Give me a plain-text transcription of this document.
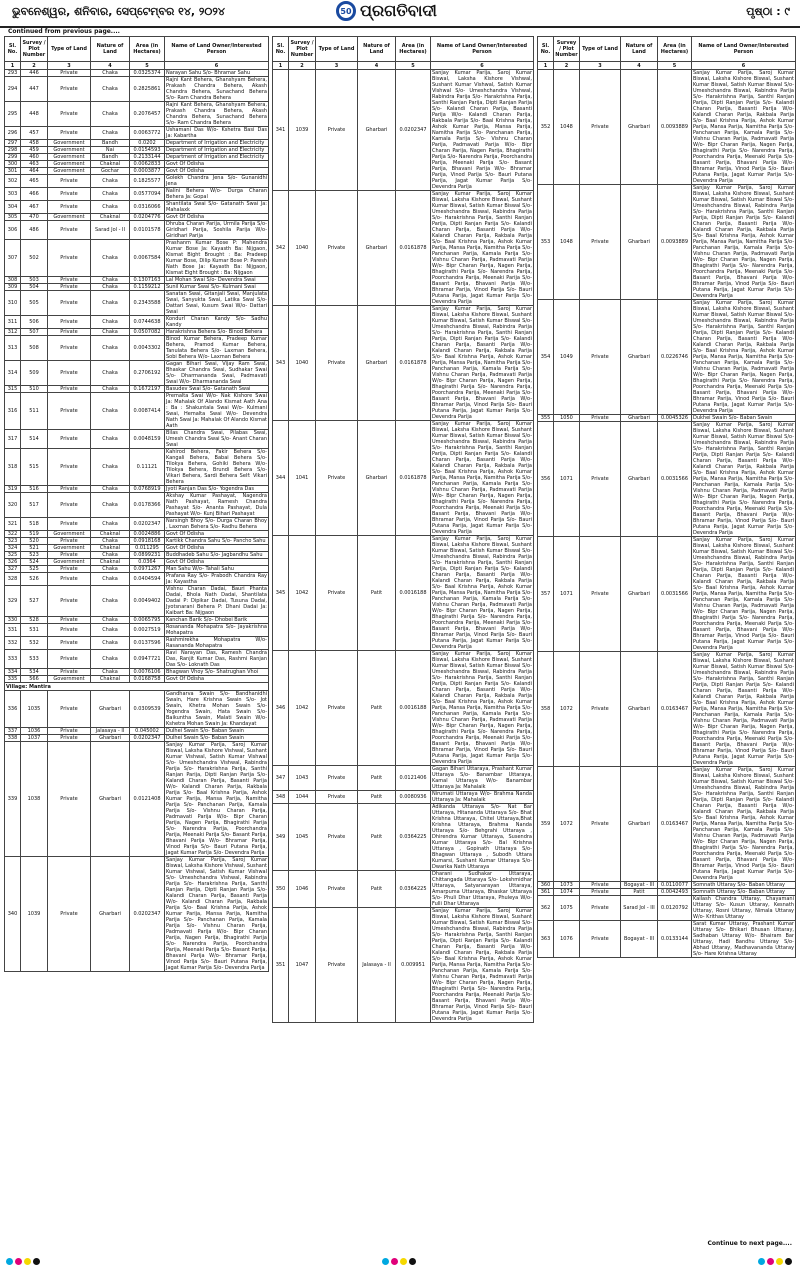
ଭୁବନେଶ୍ୱର, ଶନିବାର, ସେପ୍ଟେମ୍ବର ୧୪, ୨୦୨୪	50 ପ୍ରଗତିବାଦୀ	ପୃଷ୍ଠା : ୯
Continued from previous page....
Sl. No.	Survey / Plot Number	Type of Land	Nature of Land	Area (in Hectares)	Name of Land Owner/Interested Person
1	2	3	4	5	6
293	446	Private	Chaka	0.0325374	Narayan Sahu S/o- Bhramar Sahu
294	447	Private	Chaka	0.2825861	Rajni Kant Behera, Ghanshyam Behera, Prakash Chandra Behera, Akash Chandra Behera, Sunachand Behera S/o- Ram Chandra Behera
295	448	Private	Chaka	0.2076457	Rajni Kant Behera, Ghanshyam Behera, Prakash Chandra Behera, Akash Chandra Behera, Sunachand Behera S/o- Ram Chandra Behera
296	457	Private	Chaka	0.0063772	Ushamani Das W/o- Kshetra Basi Das Ja: Kabartha
297	458	Government	Bandh	0.0202	Department of Irrigation and Electricity
298	459	Government	Nai	0.0154593	Department of Irrigation and Electricity
299	460	Government	Bandh	0.2133144	Department of Irrigation and Electricity
300	463	Government	Chaknal	0.0062833	Govt Of Odisha
301	464	Government	Gochar	0.0003877	Govt Of Odisha
302	465	Private	Chaka	0.1825577	Golekh Chandra Jena S/o- Gunanidhi Jena
303	466	Private	Chaka	0.0577094	Nalini Behera W/o- Durga Charan Behera Ja: Gopal
304	467	Private	Chaka	0.0316066	Shantilata Swai S/o- Gatanath Swai Ja: Mahalaxk
305	470	Government	Chaknal	0.0204776	Govt Of Odisha
306	486	Private	Sarad Jol - II	0.0101578	Dhruba Charan Parija, Urmila Parija S/o- Giridhari Parija, Soshila Parija W/o- Giridhari Parija
307	502	Private	Chaka	0.0067584	Prashanm Kumar Bose P: Mahendra Kumar Bose Ja: Kayasth Ba: Nijgaon, Kismat Bight Brought : Ba: Pradeep Kumar Bose, Dilip Kumar Bose P: Paresh Nath Bose Ja: Kayasth Ba: Nijgaon, Kismat Eight Brought : Ba: Nijgaon
308	503	Private	Chaka	0.1307163	Lal Mohan Swai S/o- Devendra Swai
309	504	Private	Chaka	0.1159212	Sunil Kumar Swai S/o- Kulmani Swai
310	505	Private	Chaka	0.2343588	Sanatan Swai, Gitanjali Swai, Manjulata Swai, Sanyukta Swai, Latika Swai S/o- Dattari Swai, Kusum Swai W/o- Dattari Swai
311	506	Private	Chaka	0.0744638	Kondurl Charan Kandy S/o- Sadhu Kandy
312	507	Private	Chaka	0.0507082	Harakrishna Behera S/o- Binod Behera
313	508	Private	Chaka	0.0043302	Binod Kumar Behera, Pradeep Kumar Behera, Pramod Kumar Behera, Tanulata Behera S/o- Laxman Behera, Sobi Behera W/o- Laxman Behera
314	509	Private	Chaka	0.2706192	Gagan Bihari Swai, Vijay Ram Swai, Bhaskar Chandra Swai, Sudhakar Swai S/o- Dharmananda Swai, Padmavati Swai W/o- Dharmananda Swai
315	510	Private	Chaka	0.1672197	Basudev Swai S/o- Gatanath Swai
316	511	Private	Chaka	0.0087414	Premalta Swai W/o- Nak Kishore Swai Ja: Mahalak Of Alando Kismat Aath Ana : Ba : Shakuntala Swai W/o- Kulmani Swai, Hemalta Swai W/o- Devendra Nath Swai Ja: Mahalak Of Alando Kismat Aath
317	514	Private	Chaka	0.0048159	Bilas Chandra Swai, Pilabas Swai, Umesh Chandra Swai S/o- Anant Charan Swai
318	515	Private	Chaka	0.11121	Kahirod Behera, Fakir Behera S/o- Kangali Behera, Babai Behera S/o- Tilokya Behera, Gohiki Behera W/o- Tilokya Behera, Brundi Behera S/o- Vikari Behera, Sardi Behera Self: Vikari Behera
319	516	Private	Chaka	0.0768919	Jyoti Ranjan Das S/o- Yogendra Das
320	517	Private	Chaka	0.0178366	Akshay Kumar Pashayat, Nagendra Nath Pashayat, Ramesh Chandra Pashayat S/o- Ananta Pashayat, Dula Pashayat W/o- Kunj Bihari Pashayat
321	518	Private	Chaka	0.0202347	Narsingh Bhoy S/o- Durga Charan Bhoy , Laxman Behera S/o- Radhu Behera
322	519	Government	Chaknal	0.0024886	Govt Of Odisha
323	520	Private	Chaka	0.0918168	Kartikk Chandra Sahu S/o- Pancho Sahu
324	521	Government	Chaknal	0.011295	Govt Of Odisha
325	523	Private	Chaka	0.0899231	Buddhadeb Sahu S/o- Jagbandhu Sahu
326	524	Government	Chaknal	0.0364	Govt Of Odisha
327	525	Private	Chaka	0.0971267	Man Sahu W/o- Tahali Sahu
328	526	Private	Chaka	0.0404594	Prafana Ray S/o- Prabodh Chandra Ray Ja: Kayastha
329	527	Private	Chaka	0.0049402	Vishnu Charan Dadai, Bauri Phanta Dadai, Bhola Nath Dadai, Shantilata Dadai P: Dipikar Dadai, Tusuna Dadai, Jyotsnarani Behera P: Dhani Dadai Ja: Kaibart Ba: Nijgaon
330	528	Private	Chaka	0.0065795	Kanchan Barik S/o- Dhobei Barik
331	531	Private	Chaka	0.0027519	Rosananda Mohapatra S/o- Jayakrishna Mohapatra
332	532	Private	Chaka	0.0137596	Rashmirekha Mohapatra W/o- Rasananda Mohapatra
333	533	Private	Chaka	0.0947721	Ravi Narayan Das, Ramesh Chandra Das, Ranjit Kumar Das, Rashmi Ranjan Das S/o- Loknath Das
334	534	Private	Chaka	0.0076106	Bhagwan Vhoy S/o- Shatrughan Vhoi
335	566	Government	Chaknal	0.0168758	Govt Of Odisha
Village: Mantira					
336	1035	Private	Gharbari	0.0309539	Gandharva Swain S/o- Bandhanidhi Swain, Hare Krishna Swain S/o- Jot Swain, Khetra Mohan Swain S/o- Yogendra Swain, Hata Swain S/o- Baikuntha Swain, Malati Swain W/o- Kshetra Mohan Swain Ja: Khandayat
337	1036	Private	Jalasaya - II	0.045002	Dulhei Swain S/o- Baban Swain
338	1037	Private	Gharbari	0.0202347	Dulhei Swain S/o- Baban Swain
339	1038	Private	Gharbari	0.0121408	Sanjay Kumar Parija, Saroj Kumar Biswal, Laksha Kishore Vishwal, Sushant Kumar Vishwal, Satish Kumar Vishwal S/o- Umeshchandra Vishwal, Rabindra Parija S/o- Harakrishna Parija, Santhi Ranjan Parija, Dipti Ranjan Parija S/o- Kalandi Charan Parija, Basanti Parija W/o- Kalandi Charan Parija, Rakbala Parija S/o- Baal Krishna Parija, Ashok Kumar Parija, Mansa Parija, Namitha Parija S/o- Panchanan Parija, Kamala Parija S/o- Vishnu Charan Parija, Padmavati Parija W/o- Bipr Charan Parija, Nagen Parija, Bhagirathi Parija S/o- Narendra Parija, Poorchandra Parija, Meenaki Parija S/o- Basant Parija, Bhavani Parija W/o- Bhramar Parija, Vinod Parija S/o- Bauri Putana Parija, Jagat Kumar Parija S/o- Devendra Parija
340	1039	Private	Gharbari	0.0202347	Sanjay Kumar Parija, Saroj Kumar Biswal, Laksha Kishore Vishwal, Sushant Kumar Vishwal, Satish Kumar Vishwal S/o- Umeshchandra Vishwal, Rabindra Parija S/o- Harakrishna Parija, Santhi Ranjan Parija, Dipti Ranjan Parija S/o- Kalandi Charan Parija, Basanti Parija W/o- Kalandi Charan Parija, Rakbala Parija S/o- Baal Krishna Parija, Ashok Kumar Parija, Mansa Parija, Namitha Parija S/o- Panchanan Parija, Kamala Parija S/o- Vishnu Charan Parija, Padmavati Parija W/o- Bipr Charan Parija, Nagen Parija, Bhagirathi Parija S/o- Narendra Parija, Poorchandra Parija, Meenaki Parija S/o- Basant Parija, Bhavani Parija W/o- Bhramar Parija, Vinod Parija S/o- Bauri Putana Parija, Jagat Kumar Parija S/o- Devendra Parija
Sl. No.	Survey / Plot Number	Type of Land	Nature of Land	Area (in Hectares)	Name of Land Owner/Interested Person
1	2	3	4	5	6
341	1039	Private	Gharbari	0.0202347	Sanjay Kumar Parija, Saroj Kumar Biswal, Laksha Kishore Vishwal, Sushant Kumar Vishwal, Satish Kumar Vishwal S/o- Umeshchandra Vishwal, Rabindra Parija S/o- Harakrishna Parija, Santhi Ranjan Parija, Dipti Ranjan Parija S/o- Kalandi Charan Parija, Basanti Parija W/o- Kalandi Charan Parija, Rakbala Parija S/o- Baal Krishna Parija, Ashok Kumar Parija, Mansa Parija, Namitha Parija S/o- Panchanan Parija, Kamala Parija S/o- Vishnu Charan Parija, Padmavati Parija W/o- Bipr Charan Parija, Nagen Parija, Bhagirathi Parija S/o- Narendra Parija, Poorchandra Parija, Meenaki Parija S/o- Basant Parija, Bhavani Parija W/o- Bhramar Parija, Vinod Parija S/o- Bauri Putana Parija, Jagat Kumar Parija S/o- Devendra Parija
342	1040	Private	Gharbari	0.0161878	Sanjay Kumar Parija, Saroj Kumar Biswal, Laksha Kishore Biswal, Sushant Kumar Biswal, Satish Kumar Biswal S/o- Umeshchandra Biswal, Rabindra Parija S/o- Harakrishna Parija, Santhi Ranjan Parija, Dipti Ranjan Parija S/o- Kalandi Charan Parija, Basanti Parija W/o- Kalandi Charan Parija, Rakbala Parija S/o- Baal Krishna Parija, Ashok Kumar Parija, Mansa Parija, Namitha Parija S/o- Panchanan Parija, Kamala Parija S/o- Vishnu Charan Parija, Padmavati Parija W/o- Bipr Charan Parija, Nagen Parija, Bhagirathi Parija S/o- Narendra Parija, Poorchandra Parija, Meenaki Parija S/o- Basant Parija, Bhavani Parija W/o- Bhramar Parija, Vinod Parija S/o- Bauri Putana Parija, Jagat Kumar Parija S/o- Devendra Parija
343	1040	Private	Gharbari	0.0161878	Sanjay Kumar Parija, Saroj Kumar Biswal, Laksha Kishore Biswal, Sushant Kumar Biswal, Satish Kumar Biswal S/o- Umeshchandra Biswal, Rabindra Parija S/o- Harakrishna Parija, Santhi Ranjan Parija, Dipti Ranjan Parija S/o- Kalandi Charan Parija, Basanti Parija W/o- Kalandi Charan Parija, Rakbala Parija S/o- Baal Krishna Parija, Ashok Kumar Parija, Mansa Parija, Namitha Parija S/o- Panchanan Parija, Kamala Parija S/o- Vishnu Charan Parija, Padmavati Parija W/o- Bipr Charan Parija, Nagen Parija, Bhagirathi Parija S/o- Narendra Parija, Poorchandra Parija, Meenaki Parija S/o- Basant Parija, Bhavani Parija W/o- Bhramar Parija, Vinod Parija S/o- Bauri Putana Parija, Jagat Kumar Parija S/o- Devendra Parija
344	1041	Private	Gharbari	0.0161878	Sanjay Kumar Parija, Saroj Kumar Biswal, Laksha Kishore Biswal, Sushant Kumar Biswal, Satish Kumar Biswal S/o- Umeshchandra Biswal, Rabindra Parija S/o- Harakrishna Parija, Santhi Ranjan Parija, Dipti Ranjan Parija S/o- Kalandi Charan Parija, Basanti Parija W/o- Kalandi Charan Parija, Rakbala Parija S/o- Baal Krishna Parija, Ashok Kumar Parija, Mansa Parija, Namitha Parija S/o- Panchanan Parija, Kamala Parija S/o- Vishnu Charan Parija, Padmavati Parija W/o- Bipr Charan Parija, Nagen Parija, Bhagirathi Parija S/o- Narendra Parija, Poorchandra Parija, Meenaki Parija S/o- Basant Parija, Bhavani Parija W/o- Bhramar Parija, Vinod Parija S/o- Bauri Putana Parija, Jagat Kumar Parija S/o- Devendra Parija
345	1042	Private	Patit	0.0016188	Sanjay Kumar Parija, Saroj Kumar Biswal, Laksha Kishore Biswal, Sushant Kumar Biswal, Satish Kumar Biswal S/o- Umeshchandra Biswal, Rabindra Parija S/o- Harakrishna Parija, Santhi Ranjan Parija, Dipti Ranjan Parija S/o- Kalandi Charan Parija, Basanti Parija W/o- Kalandi Charan Parija, Rakbala Parija S/o- Baal Krishna Parija, Ashok Kumar Parija, Mansa Parija, Namitha Parija S/o- Panchanan Parija, Kamala Parija S/o- Vishnu Charan Parija, Padmavati Parija W/o- Bipr Charan Parija, Nagen Parija, Bhagirathi Parija S/o- Narendra Parija, Poorchandra Parija, Meenaki Parija S/o- Basant Parija, Bhavani Parija W/o- Bhramar Parija, Vinod Parija S/o- Bauri Putana Parija, Jagat Kumar Parija S/o- Devendra Parija
346	1042	Private	Patit	0.0016188	Sanjay Kumar Parija, Saroj Kumar Biswal, Laksha Kishore Biswal, Sushant Kumar Biswal, Satish Kumar Biswal S/o- Umeshchandra Biswal, Rabindra Parija S/o- Harakrishna Parija, Santhi Ranjan Parija, Dipti Ranjan Parija S/o- Kalandi Charan Parija, Basanti Parija W/o- Kalandi Charan Parija, Rakbala Parija S/o- Baal Krishna Parija, Ashok Kumar Parija, Mansa Parija, Namitha Parija S/o- Panchanan Parija, Kamala Parija S/o- Vishnu Charan Parija, Padmavati Parija W/o- Bipr Charan Parija, Nagen Parija, Bhagirathi Parija S/o- Narendra Parija, Poorchandra Parija, Meenaki Parija S/o- Basant Parija, Bhavani Parija W/o- Bhramar Parija, Vinod Parija S/o- Bauri Putana Parija, Jagat Kumar Parija S/o- Devendra Parija
347	1043	Private	Patit	0.0121406	Gagan Bihari Uttaraya, Prashant Kumar Uttaraya S/o- Banambar Uttaraya, Kamal Uttaraya W/o- Banambar Uttaraya Ja: Mahalaik
348	1044	Private	Patit	0.0080936	Nirumati Uttaraya W/o- Brahma Nanda Uttaraya Ja: Mahalaik
349	1045	Private	Patit	0.0364225	Adikanda Uttaraya S/o- Nat Bar Uttaraya, Hitananda Uttaraya S/o- Bhat Krishna Uttaraya, Chitel Uttaraya,Bhat Krishna Uttaraya, Brahma Nanda Uttaraya S/o- Behgrahi Uttaraya , Dhirendra Kumar Uttaraya, Susendra Kumar Uttaraya S/o- Bal Krishna Uttaraya , Gopinath Uttaraya S/o- Bhagwan Uttaraya , Subodh Uttara Kumarsi, Sushant Kumar Uttaraya S/o- Dwarika Nath Uttaraya
350	1046	Private	Patit	0.0364225	Dharani Sudhakar Uttaraya, Chittangada Uttaraya S/o- Lokshmidhar Uttaraya, Satyanarayan Uttaraya, Amarpuma Uttaraya, Bhaskar Uttaraya S/o- Phuli Dhar Uttaraya, Phuleya W/o- Fulli Dhar Uttaraya
351	1047	Private	Jalasaya - II	0.009951	Sanjay Kumar Parija, Saroj Kumar Biswal, Laksha Kishore Biswal, Sushant Kumar Biswal, Satish Kumar Biswal S/o- Umeshchandra Biswal, Rabindra Parija S/o- Harakrishna Parija, Santhi Ranjan Parija, Dipti Ranjan Parija S/o- Kalandi Charan Parija, Basanti Parija W/o- Kalandi Charan Parija, Rakbala Parija S/o- Baal Krishna Parija, Ashok Kumar Parija, Mansa Parija, Namitha Parija S/o- Panchanan Parija, Kamala Parija S/o- Vishnu Charan Parija, Padmavati Parija W/o- Bipr Charan Parija, Nagen Parija, Bhagirathi Parija S/o- Narendra Parija, Poorchandra Parija, Meenaki Parija S/o- Basant Parija, Bhavani Parija W/o- Bhramar Parija, Vinod Parija S/o- Bauri Putana Parija, Jagat Kumar Parija S/o- Devendra Parija
Sl. No.	Survey / Plot Number	Type of Land	Nature of Land	Area (in Hectares)	Name of Land Owner/Interested Person
1	2	3	4	5	6
352	1048	Private	Gharbari	0.0093889	Sanjay Kumar Parija, Saroj Kumar Biswal, Laksha Kishore Biswal, Sushant Kumar Biswal, Satish Kumar Biswal S/o- Umeshchandra Biswal, Rabindra Parija S/o- Harakrishna Parija, Santhi Ranjan Parija, Dipti Ranjan Parija S/o- Kalandi Charan Parija, Basanti Parija W/o- Kalandi Charan Parija, Rakbala Parija S/o- Baal Krishna Parija, Ashok Kumar Parija, Mansa Parija, Namitha Parija S/o- Panchanan Parija, Kamala Parija S/o- Vishnu Charan Parija, Padmavati Parija W/o- Bipr Charan Parija, Nagen Parija, Bhagirathi Parija S/o- Narendra Parija, Poorchandra Parija, Meenaki Parija S/o- Basant Parija, Bhavani Parija W/o- Bhramar Parija, Vinod Parija S/o- Bauri Putana Parija, Jagat Kumar Parija S/o- Devendra Parija
353	1048	Private	Gharbari	0.0093889	Sanjay Kumar Parija, Saroj Kumar Biswal, Laksha Kishore Biswal, Sushant Kumar Biswal, Satish Kumar Biswal S/o- Umeshchandra Biswal, Rabindra Parija S/o- Harakrishna Parija, Santhi Ranjan Parija, Dipti Ranjan Parija S/o- Kalandi Charan Parija, Basanti Parija W/o- Kalandi Charan Parija, Rakbala Parija S/o- Baal Krishna Parija, Ashok Kumar Parija, Mansa Parija, Namitha Parija S/o- Panchanan Parija, Kamala Parija S/o- Vishnu Charan Parija, Padmavati Parija W/o- Bipr Charan Parija, Nagen Parija, Bhagirathi Parija S/o- Narendra Parija, Poorchandra Parija, Meenaki Parija S/o- Basant Parija, Bhavani Parija W/o- Bhramar Parija, Vinod Parija S/o- Bauri Putana Parija, Jagat Kumar Parija S/o- Devendra Parija
354	1049	Private	Gharbari	0.0226746	Sanjay Kumar Parija, Saroj Kumar Biswal, Laksha Kishore Biswal, Sushant Kumar Biswal, Satish Kumar Biswal S/o- Umeshchandra Biswal, Rabindra Parija S/o- Harakrishna Parija, Santhi Ranjan Parija, Dipti Ranjan Parija S/o- Kalandi Charan Parija, Basanti Parija W/o- Kalandi Charan Parija, Rakbala Parija S/o- Baal Krishna Parija, Ashok Kumar Parija, Mansa Parija, Namitha Parija S/o- Panchanan Parija, Kamala Parija S/o- Vishnu Charan Parija, Padmavati Parija W/o- Bipr Charan Parija, Nagen Parija, Bhagirathi Parija S/o- Narendra Parija, Poorchandra Parija, Meenaki Parija S/o- Basant Parija, Bhavani Parija W/o- Bhramar Parija, Vinod Parija S/o- Bauri Putana Parija, Jagat Kumar Parija S/o- Devendra Parija
355	1050	Private	Gharbari	0.0045326	Dukhei Swain S/o- Baban Swain
356	1071	Private	Gharbari	0.0031566	Sanjay Kumar Parija, Saroj Kumar Biswal, Laksha Kishore Biswal, Sushant Kumar Biswal, Satish Kumar Biswal S/o- Umeshchandra Biswal, Rabindra Parija S/o- Harakrishna Parija, Santhi Ranjan Parija, Dipti Ranjan Parija S/o- Kalandi Charan Parija, Basanti Parija W/o- Kalandi Charan Parija, Rakbala Parija S/o- Baal Krishna Parija, Ashok Kumar Parija, Mansa Parija, Namitha Parija S/o- Panchanan Parija, Kamala Parija S/o- Vishnu Charan Parija, Padmavati Parija W/o- Bipr Charan Parija, Nagen Parija, Bhagirathi Parija S/o- Narendra Parija, Poorchandra Parija, Meenaki Parija S/o- Basant Parija, Bhavani Parija W/o- Bhramar Parija, Vinod Parija S/o- Bauri Putana Parija, Jagat Kumar Parija S/o- Devendra Parija
357	1071	Private	Gharbari	0.0031566	Sanjay Kumar Parija, Saroj Kumar Biswal, Laksha Kishore Biswal, Sushant Kumar Biswal, Satish Kumar Biswal S/o- Umeshchandra Biswal, Rabindra Parija S/o- Harakrishna Parija, Santhi Ranjan Parija, Dipti Ranjan Parija S/o- Kalandi Charan Parija, Basanti Parija W/o- Kalandi Charan Parija, Rakbala Parija S/o- Baal Krishna Parija, Ashok Kumar Parija, Mansa Parija, Namitha Parija S/o- Panchanan Parija, Kamala Parija S/o- Vishnu Charan Parija, Padmavati Parija W/o- Bipr Charan Parija, Nagen Parija, Bhagirathi Parija S/o- Narendra Parija, Poorchandra Parija, Meenaki Parija S/o- Basant Parija, Bhavani Parija W/o- Bhramar Parija, Vinod Parija S/o- Bauri Putana Parija, Jagat Kumar Parija S/o- Devendra Parija
358	1072	Private	Gharbari	0.0163467	Sanjay Kumar Parija, Saroj Kumar Biswal, Laksha Kishore Biswal, Sushant Kumar Biswal, Satish Kumar Biswal S/o- Umeshchandra Biswal, Rabindra Parija S/o- Harakrishna Parija, Santhi Ranjan Parija, Dipti Ranjan Parija S/o- Kalandi Charan Parija, Basanti Parija W/o- Kalandi Charan Parija, Rakbala Parija S/o- Baal Krishna Parija, Ashok Kumar Parija, Mansa Parija, Namitha Parija S/o- Panchanan Parija, Kamala Parija S/o- Vishnu Charan Parija, Padmavati Parija W/o- Bipr Charan Parija, Nagen Parija, Bhagirathi Parija S/o- Narendra Parija, Poorchandra Parija, Meenaki Parija S/o- Basant Parija, Bhavani Parija W/o- Bhramar Parija, Vinod Parija S/o- Bauri Putana Parija, Jagat Kumar Parija S/o- Devendra Parija
359	1072	Private	Gharbari	0.0163467	Sanjay Kumar Parija, Saroj Kumar Biswal, Laksha Kishore Biswal, Sushant Kumar Biswal, Satish Kumar Biswal S/o- Umeshchandra Biswal, Rabindra Parija S/o- Harakrishna Parija, Santhi Ranjan Parija, Dipti Ranjan Parija S/o- Kalandi Charan Parija, Basanti Parija W/o- Kalandi Charan Parija, Rakbala Parija S/o- Baal Krishna Parija, Ashok Kumar Parija, Mansa Parija, Namitha Parija S/o- Panchanan Parija, Kamala Parija S/o- Vishnu Charan Parija, Padmavati Parija W/o- Bipr Charan Parija, Nagen Parija, Bhagirathi Parija S/o- Narendra Parija, Poorchandra Parija, Meenaki Parija S/o- Basant Parija, Bhavani Parija W/o- Bhramar Parija, Vinod Parija S/o- Bauri Putana Parija, Jagat Kumar Parija S/o- Devendra Parija
360	1073	Private	Bogayat - III	0.0110077	Somnath Uttaray S/o- Baban Uttaray
361	1074	Private	Patit	0.0042493	Somnath Uttaray S/o- Baban Uttaray
362	1075	Private	Sarad Jol - III	0.0120792	Kailash Chandra Uttaray, Chayamani Uttaray S/o- Kusun Uttaray, Kesnath Uttaray, Rosni Uttaray, Nimala Uttaray W/o- Krithas Uttaray
363	1076	Private	Bogayat - III	0.0133144	Sarat Kumar Uttaray, Prashant Kumar Uttaray S/o- Bhikari Bhusan Uttaray, Sadhaban Uttaray W/o- Bhairam Bar Uttaray, Hadi Bandhu Uttaray S/o- Abhad Uttaray, Madhavananda Uttaray S/o- Hare Krishna Uttaray
Continue to next page....
